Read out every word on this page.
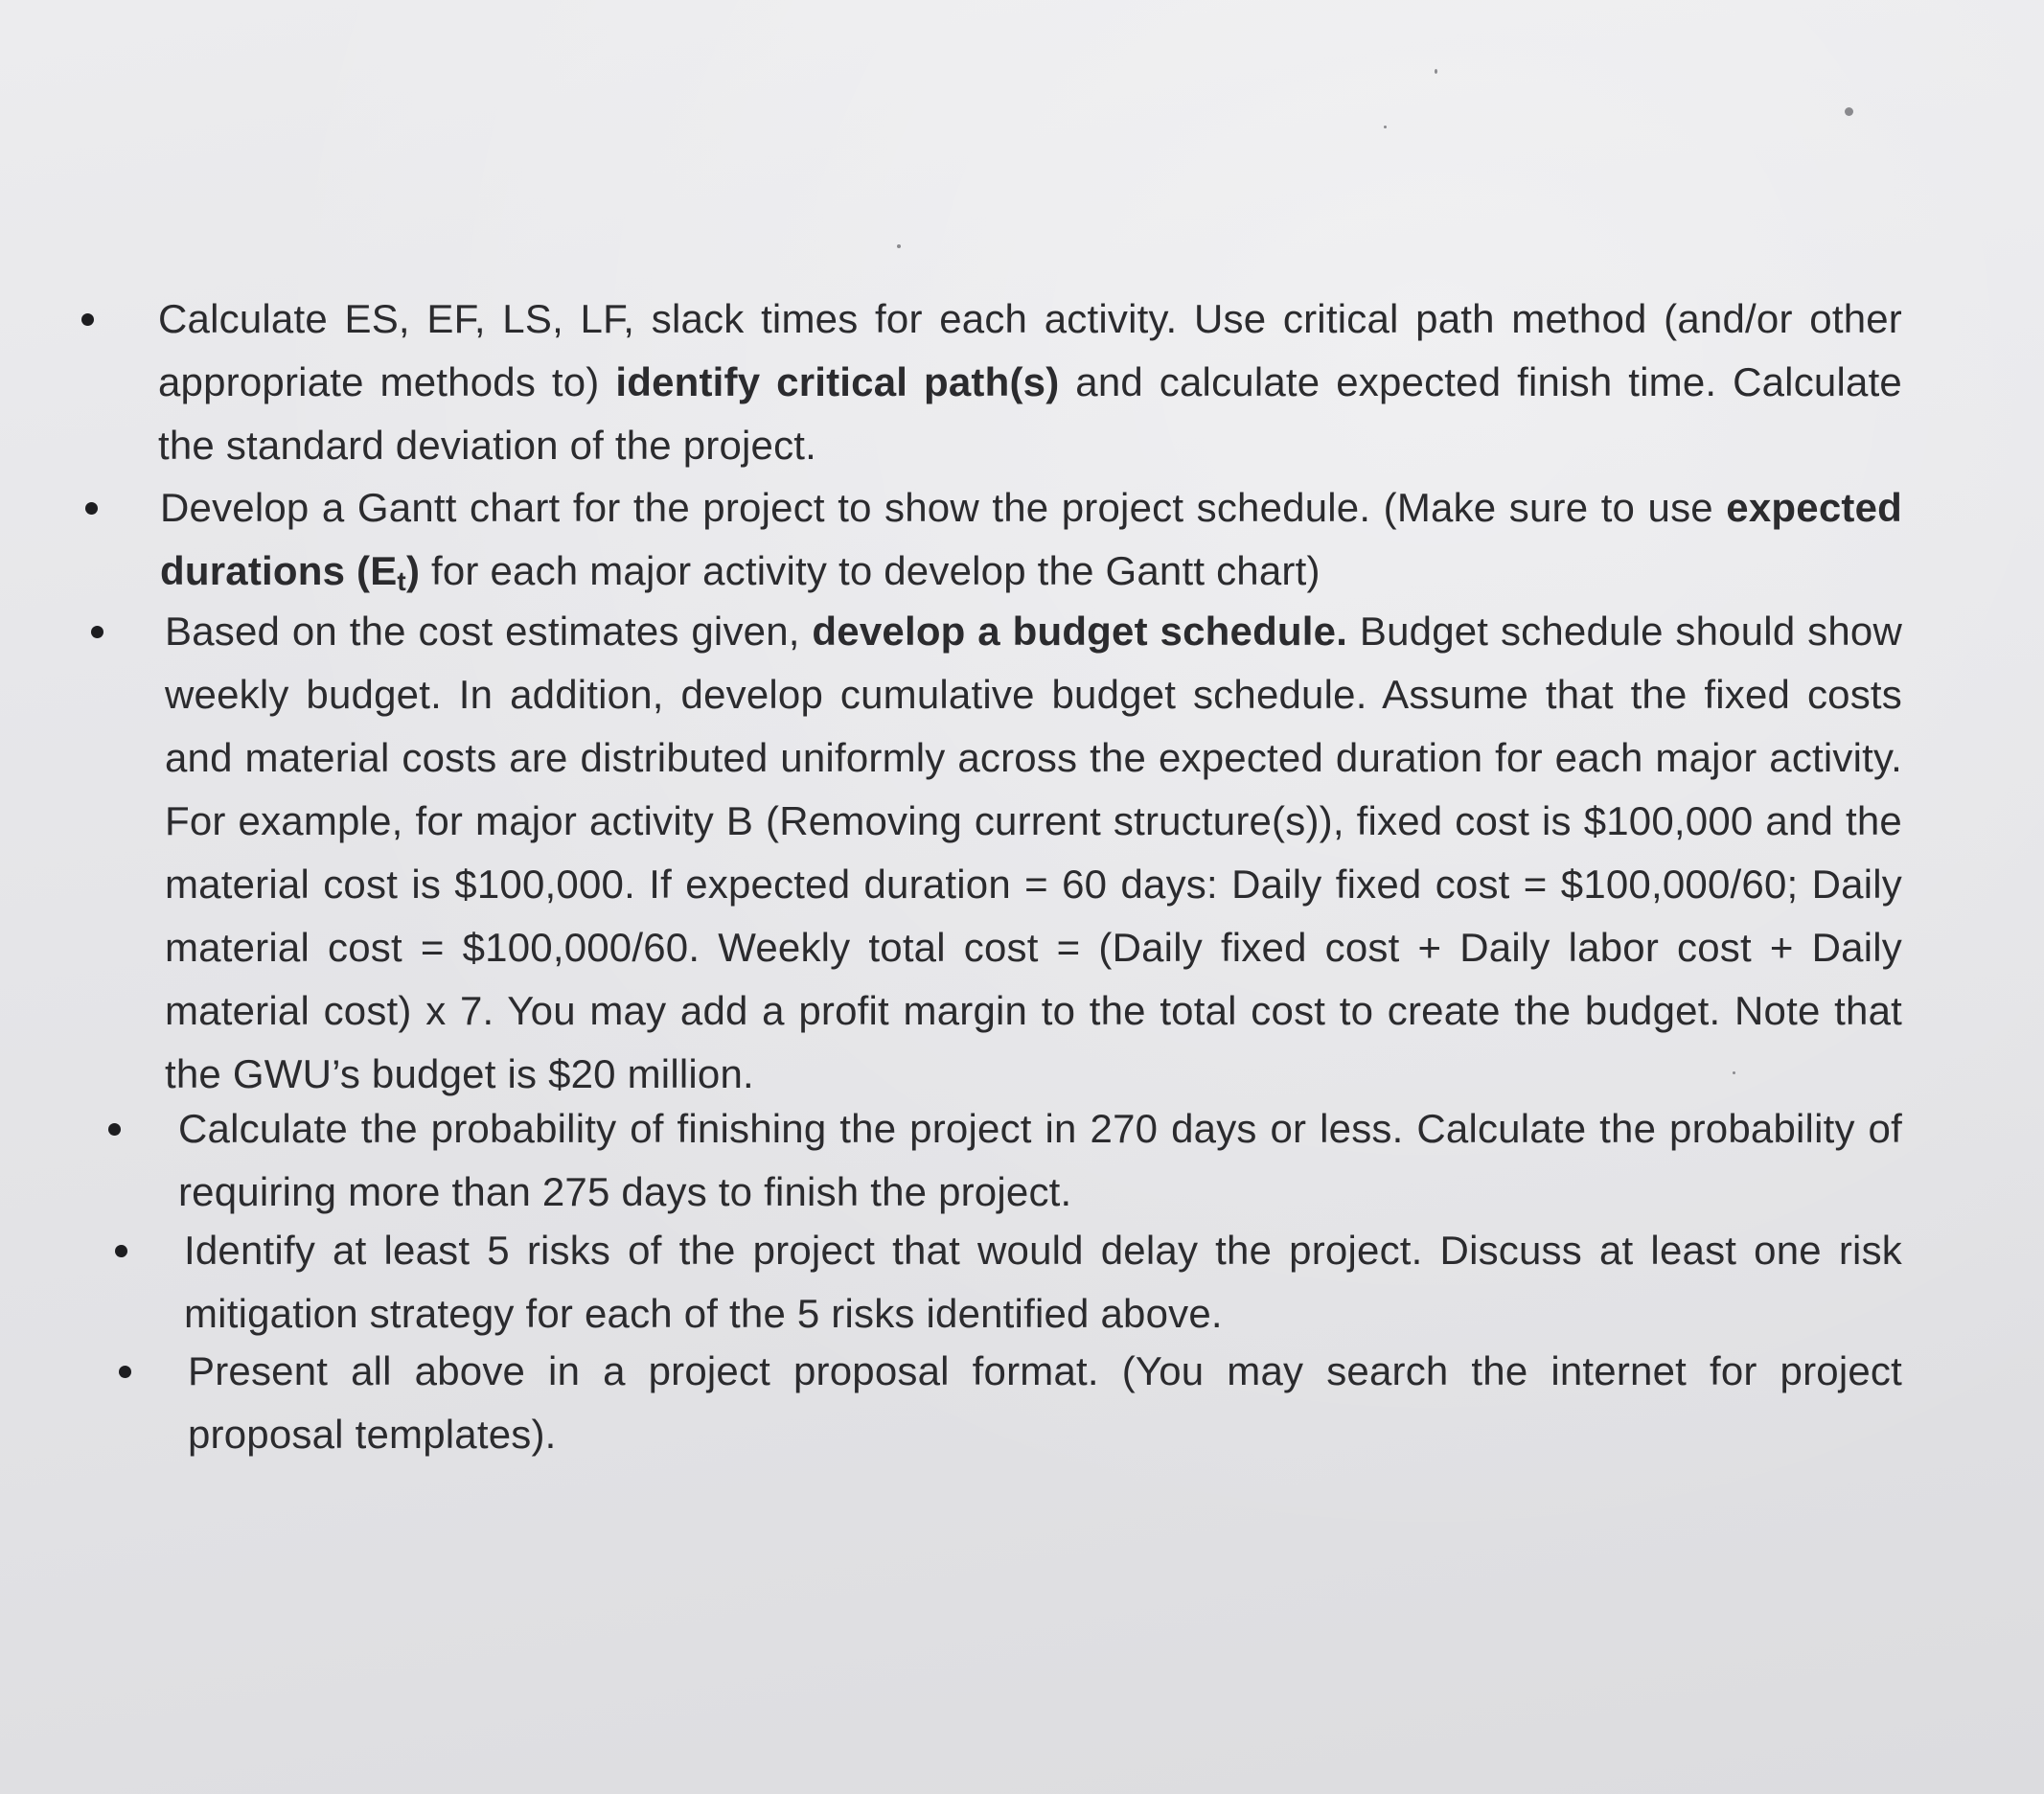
Calculate ES, EF, LS, LF, slack times for each activity. Use critical path method (and/or other appropriate methods to) identify critical path(s) and calculate expected finish time. Calculate the standard deviation of the project.
Develop a Gantt chart for the project to show the project schedule. (Make sure to use expected durations $(E_t)$ for each major activity to develop the Gantt chart)
Based on the cost estimates given, develop a budget schedule. Budget schedule should show weekly budget. In addition, develop cumulative budget schedule. Assume that the fixed costs and material costs are distributed uniformly across the expected duration for each major activity. For example, for major activity B (Removing current structure(s)), fixed cost is $100,000 and the material cost is $100,000. If expected duration = 60 days: Daily fixed cost = $100,000/60; Daily material cost = $100,000/60. Weekly total cost = (Daily fixed cost + Daily labor cost + Daily material cost) x 7. You may add a profit margin to the total cost to create the budget. Note that the GWU’s budget is $20 million.
Calculate the probability of finishing the project in 270 days or less. Calculate the probability of requiring more than 275 days to finish the project.
Identify at least 5 risks of the project that would delay the project. Discuss at least one risk mitigation strategy for each of the 5 risks identified above.
Present all above in a project proposal format. (You may search the internet for project proposal templates).
